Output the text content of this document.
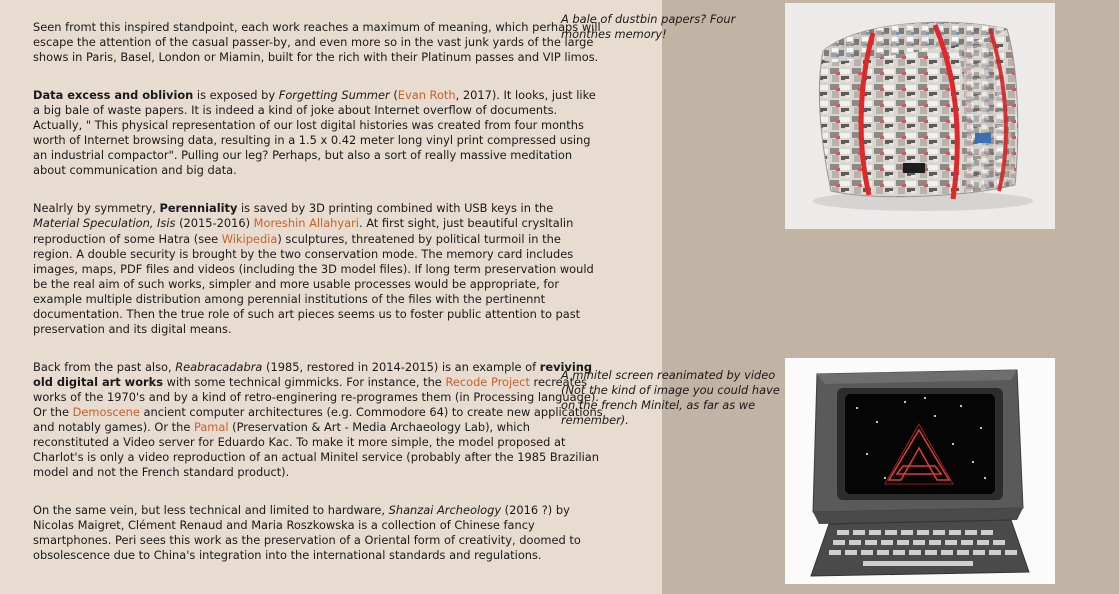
Seen fromt this inspired standpoint, each work reaches a maximum of meaning, which perhaps will escape the attention of the casual passer-by, and even more so in the vast junk yards of the large shows in Paris, Basel, London or Miamin, built for the rich with their Platinum passes and VIP limos.

Data excess and oblivion is exposed by Forgetting Summer (Evan Roth, 2017). It looks, just like a big bale of waste papers. It is indeed a kind of joke about Internet overflow of documents. Actually, " This physical representation of our lost digital histories was created from four months worth of Internet browsing data, resulting in a 1.5 x 0.42 meter long vinyl print compressed using an industrial compactor". Pulling our leg? Perhaps, but also a sort of really massive meditation about communication and big data.

Nealrly by symmetry, Perenniality is saved by 3D printing combined with USB keys in the Material Speculation, Isis (2015-2016) Moreshin Allahyari. At first sight, just beautiful crysltalin reproduction of some Hatra (see Wikipedia) sculptures, threatened by political turmoil in the region. A double security is brought by the two conservation mode. The memory card includes images, maps, PDF files and videos (including the 3D model files). If long term preservation would be the real aim of such works, simpler and more usable processes would be appropriate, for example multiple distribution among perennial institutions of the files with the pertinennt documentation. Then the true role of such art pieces seems us to foster public attention to past preservation and its digital means.

Back from the past also, Reabracadabra (1985, restored in 2014-2015) is an example of reviving old digital art works with some technical gimmicks. For instance, the Recode Project recreates works of the 1970's and by a kind of retro-enginering re-programes them (in Processing language). Or the Demoscene ancient computer architectures (e.g. Commodore 64) to create new applications and notably games). Or the Pamal (Preservation & Art - Media Archaeology Lab), which reconstituted a Video server for Eduardo Kac. To make it more simple, the model proposed at Charlot's is only a video reproduction of an actual Minitel service (probably after the 1985 Brazilian model and not the French standard product).

On the same vein, but less technical and limited to hardware, Shanzai Archeology (2016 ?) by Nicolas Maigret, Clément Renaud and Maria Roszkowska is a collection of Chinese fancy smartphones. Peri sees this work as the preservation of a Oriental form of creativity, doomed to obsolescence due to China's integration into the international standards and regulations.

A bale of dustbin papers? Four monthes memory!
A minitel screen reanimated by video (Not the kind of image you could have on the french Minitel, as far as we remember).
